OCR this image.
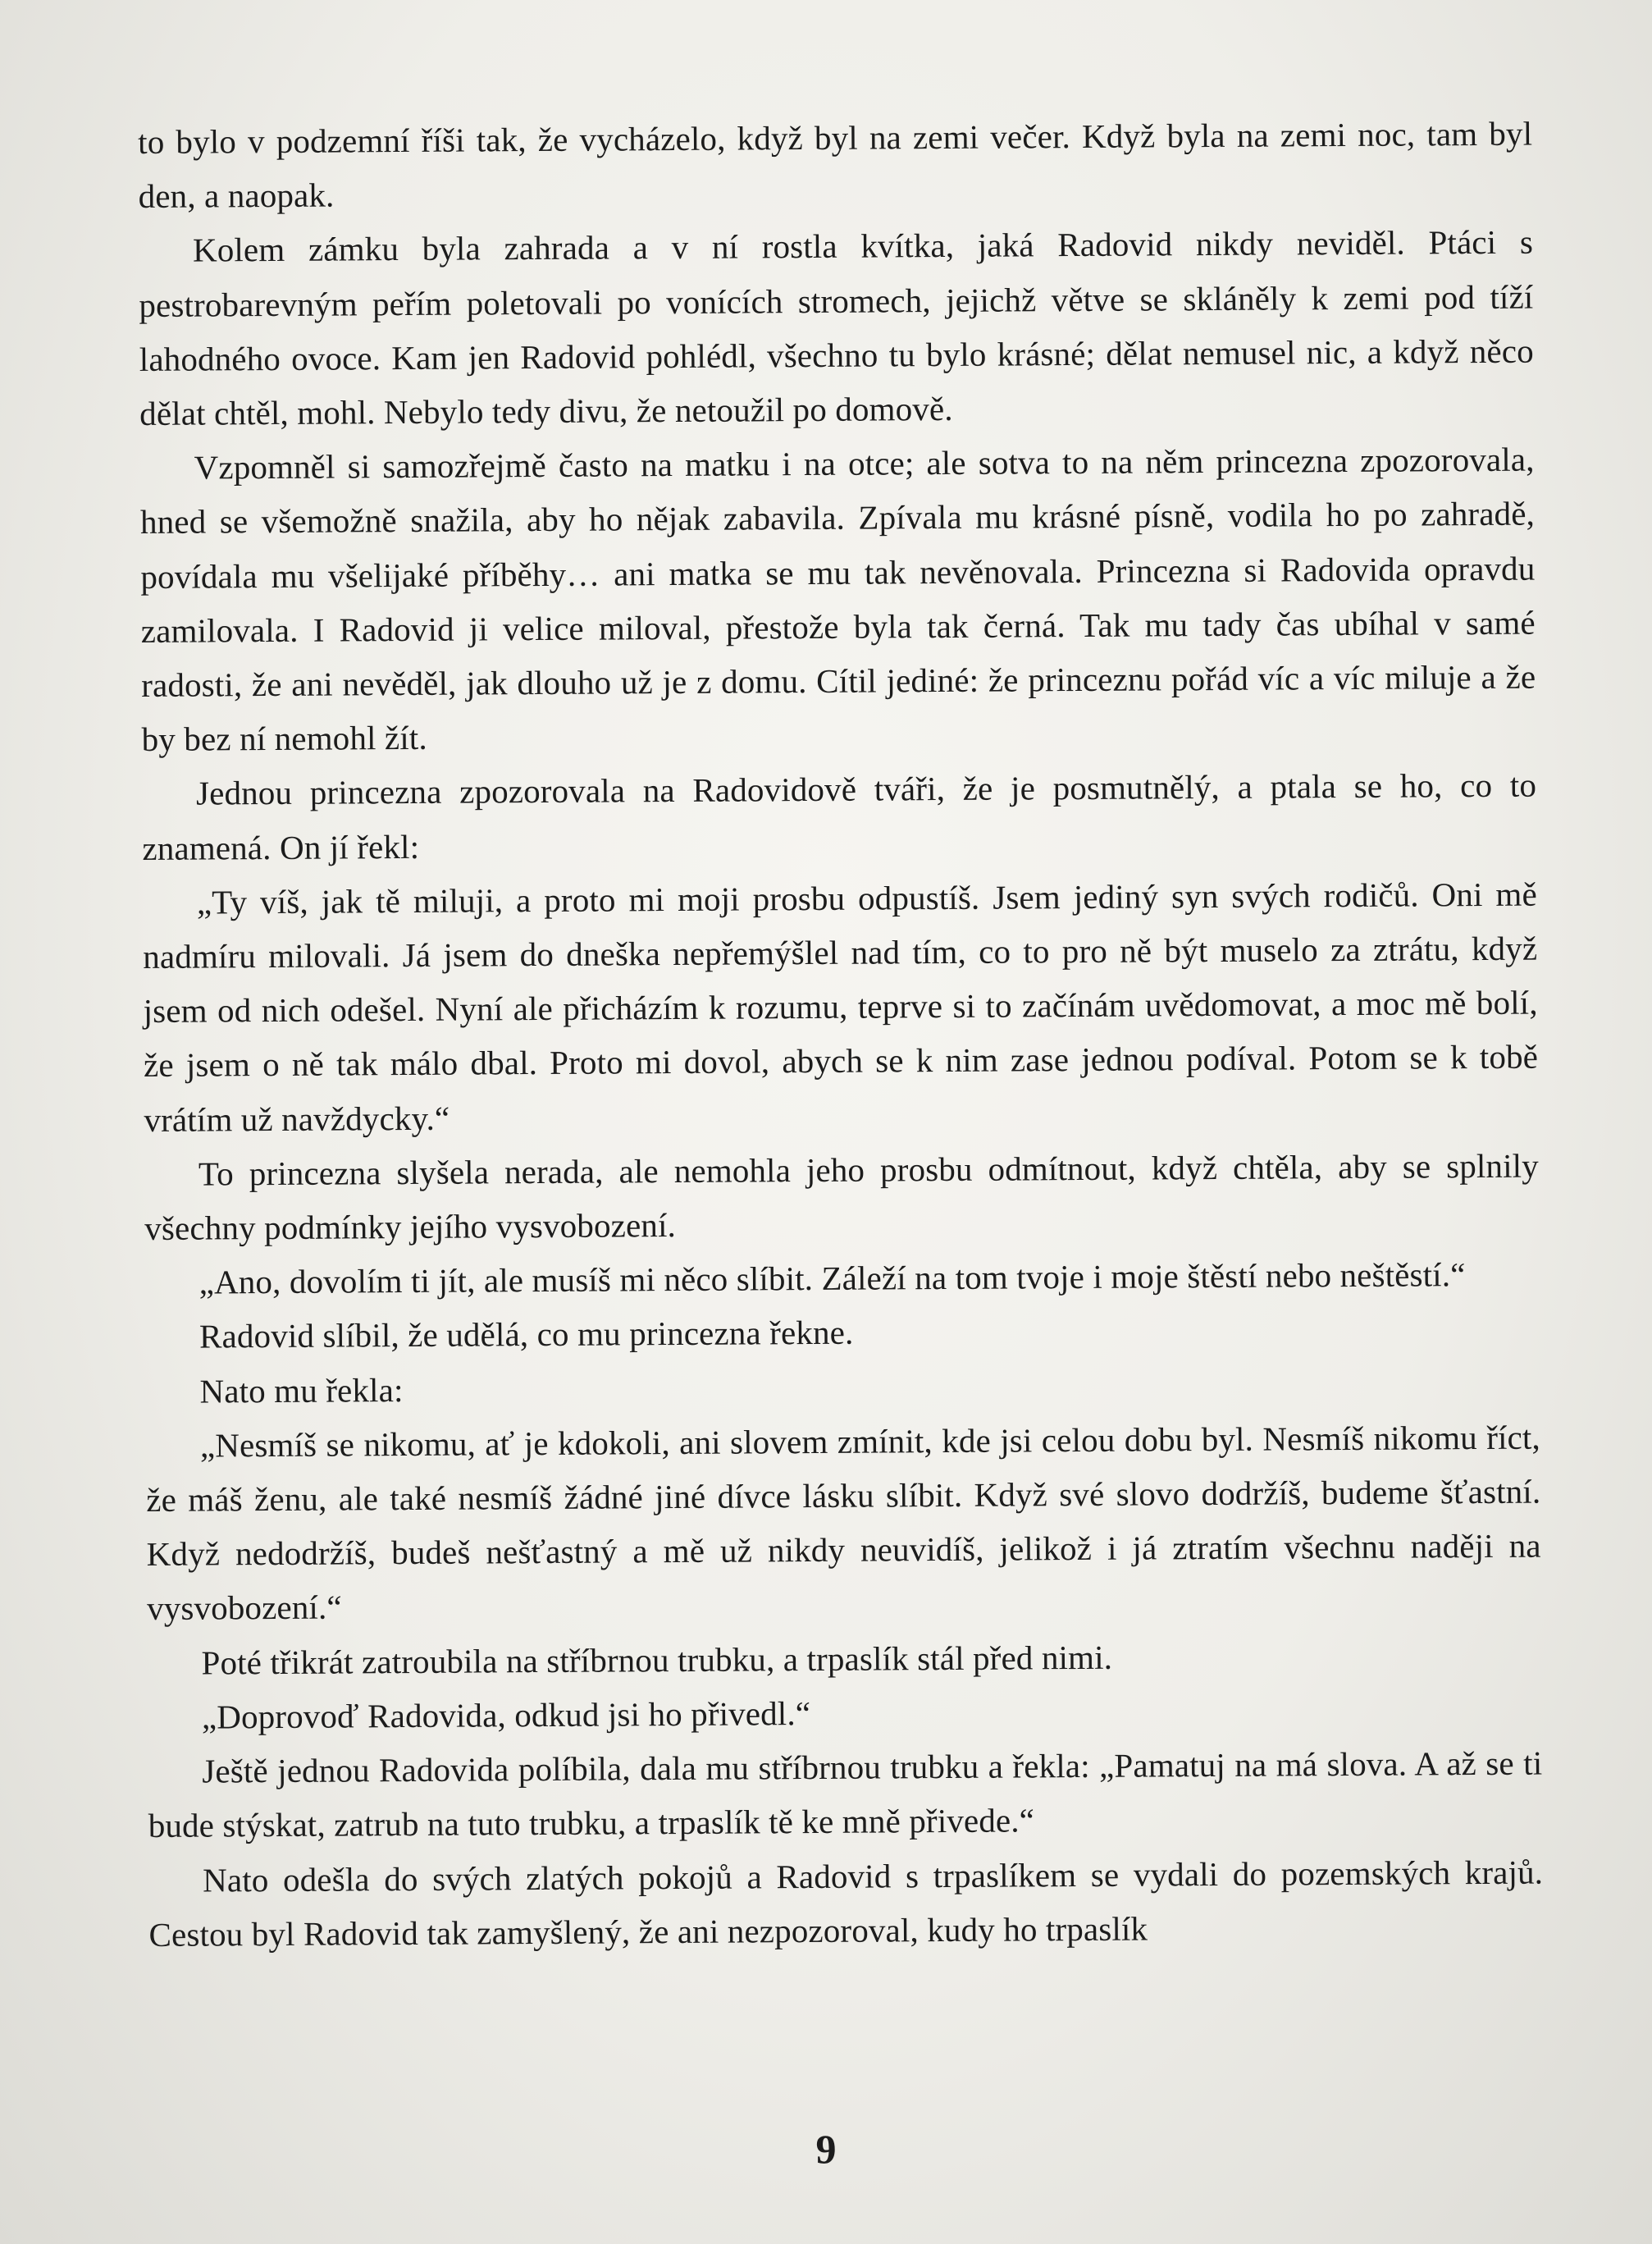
to bylo v podzemní říši tak, že vycházelo, když byl na zemi večer. Když byla na zemi noc, tam byl den, a naopak.

Kolem zámku byla zahrada a v ní rostla kvítka, jaká Radovid nikdy neviděl. Ptáci s pestrobarevným peřím poletovali po vonících stromech, jejichž větve se skláněly k zemi pod tíží lahodného ovoce. Kam jen Radovid pohlédl, všechno tu bylo krásné; dělat nemusel nic, a když něco dělat chtěl, mohl. Nebylo tedy divu, že netoužil po domově.

Vzpomněl si samozřejmě často na matku i na otce; ale sotva to na něm princezna zpozorovala, hned se všemožně snažila, aby ho nějak zabavila. Zpívala mu krásné písně, vodila ho po zahradě, povídala mu všelijaké příběhy… ani matka se mu tak nevěnovala. Princezna si Radovida opravdu zamilovala. I Radovid ji velice miloval, přestože byla tak černá. Tak mu tady čas ubíhal v samé radosti, že ani nevěděl, jak dlouho už je z domu. Cítil jediné: že princeznu pořád víc a víc miluje a že by bez ní nemohl žít.

Jednou princezna zpozorovala na Radovidově tváři, že je posmutnělý, a ptala se ho, co to znamená. On jí řekl:

„Ty víš, jak tě miluji, a proto mi moji prosbu odpustíš. Jsem jediný syn svých rodičů. Oni mě nadmíru milovali. Já jsem do dneška nepřemýšlel nad tím, co to pro ně být muselo za ztrátu, když jsem od nich odešel. Nyní ale přicházím k rozumu, teprve si to začínám uvědomovat, a moc mě bolí, že jsem o ně tak málo dbal. Proto mi dovol, abych se k nim zase jednou podíval. Potom se k tobě vrátím už navždycky.“

To princezna slyšela nerada, ale nemohla jeho prosbu odmítnout, když chtěla, aby se splnily všechny podmínky jejího vysvobození.

„Ano, dovolím ti jít, ale musíš mi něco slíbit. Záleží na tom tvoje i moje štěstí nebo neštěstí.“

Radovid slíbil, že udělá, co mu princezna řekne.

Nato mu řekla:

„Nesmíš se nikomu, ať je kdokoli, ani slovem zmínit, kde jsi celou dobu byl. Nesmíš nikomu říct, že máš ženu, ale také nesmíš žádné jiné dívce lásku slíbit. Když své slovo dodržíš, budeme šťastní. Když nedodržíš, budeš nešťastný a mě už nikdy neuvidíš, jelikož i já ztratím všechnu naději na vysvobození.“

Poté třikrát zatroubila na stříbrnou trubku, a trpaslík stál před nimi.

„Doprovoď Radovida, odkud jsi ho přivedl.“

Ještě jednou Radovida políbila, dala mu stříbrnou trubku a řekla: „Pamatuj na má slova. A až se ti bude stýskat, zatrub na tuto trubku, a trpaslík tě ke mně přivede.“

Nato odešla do svých zlatých pokojů a Radovid s trpaslíkem se vydali do pozemských krajů. Cestou byl Radovid tak zamyšlený, že ani nezpozoroval, kudy ho trpaslík

9
